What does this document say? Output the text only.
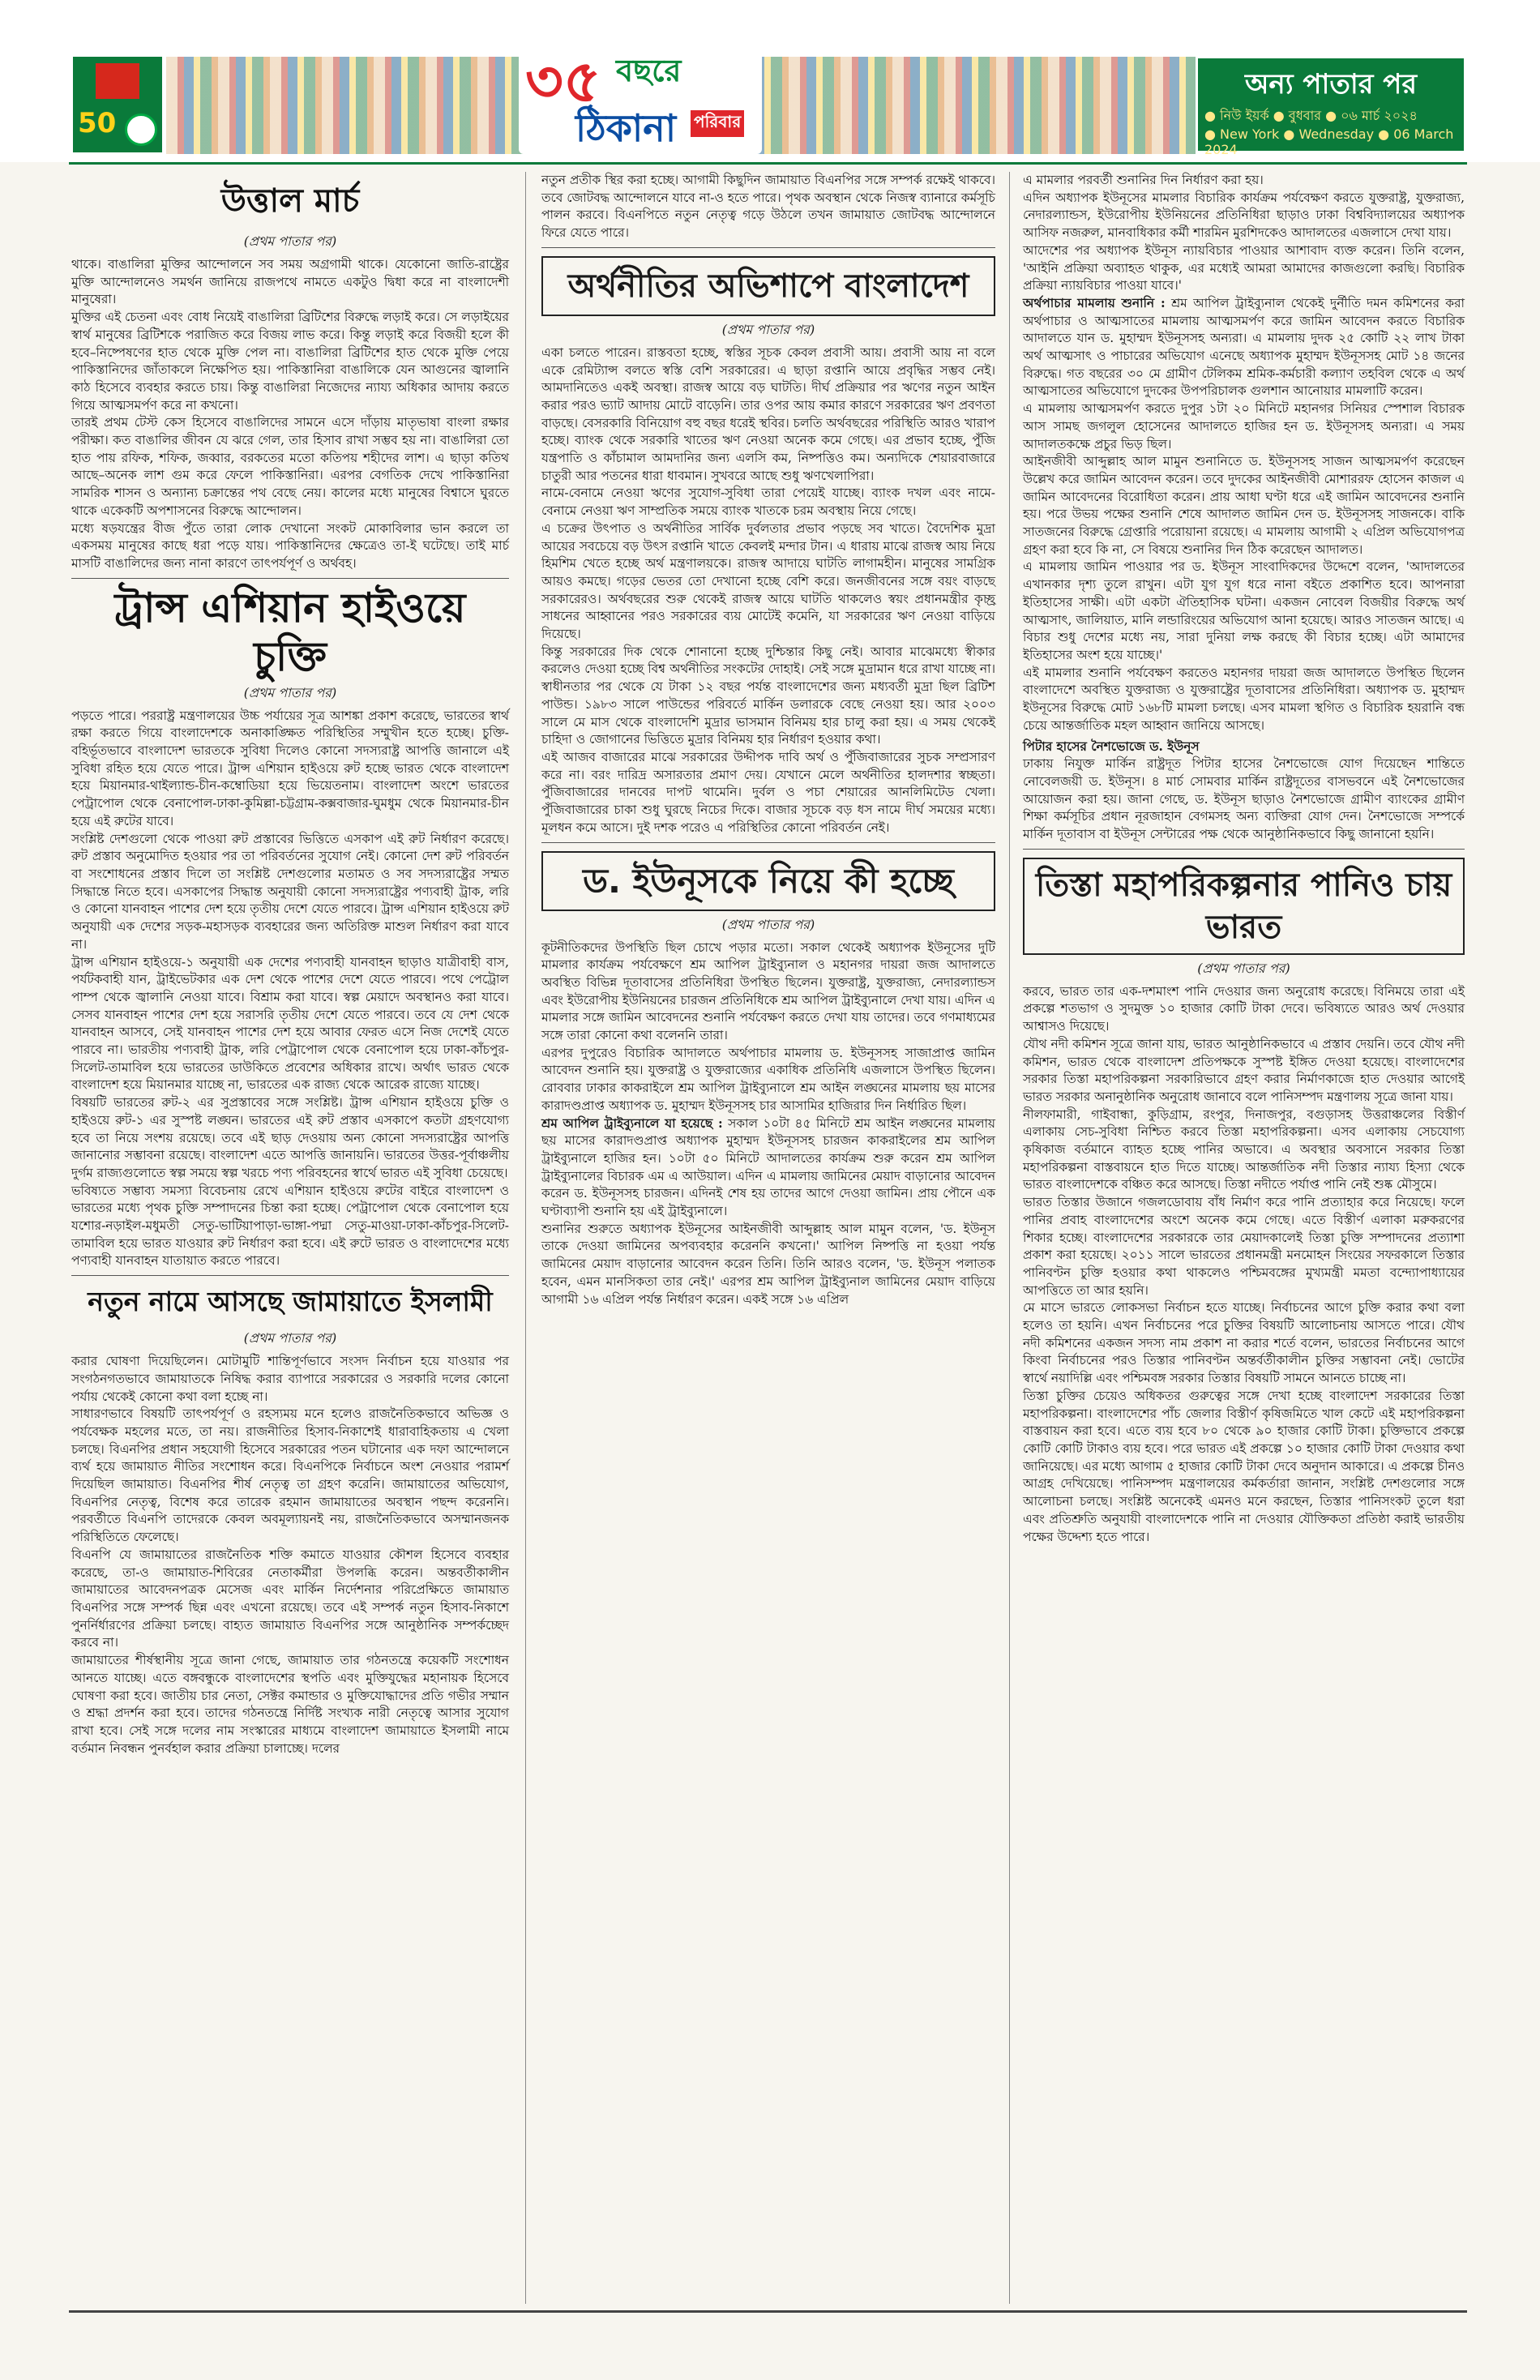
50
৩৫ বছরে
ঠিকানা পরিবার
অন্য পাতার পর
● নিউ ইয়র্ক ● বুধবার ● ০৬ মার্চ ২০২৪
● New York ● Wednesday ● 06 March 2024
উত্তাল মার্চ
(প্রথম পাতার পর)

থাকে। বাঙালিরা মুক্তির আন্দোলনে সব সময় অগ্রগামী থাকে। যেকোনো জাতি-রাষ্ট্রের মুক্তি আন্দোলনেও সমর্থন জানিয়ে রাজপথে নামতে একটুও দ্বিধা করে না বাংলাদেশী মানুষেরা।

মুক্তির এই চেতনা এবং বোধ নিয়েই বাঙালিরা ব্রিটিশের বিরুদ্ধে লড়াই করে। সে লড়াইয়ের স্বার্থ মানুষের ব্রিটিশকে পরাজিত করে বিজয় লাভ করে। কিন্তু লড়াই করে বিজয়ী হলে কী হবে–নিষ্পেষণের হাত থেকে মুক্তি পেল না। বাঙালিরা ব্রিটিশের হাত থেকে মুক্তি পেয়ে পাকিস্তানিদের জাঁতাকলে নিক্ষেপিত হয়। পাকিস্তানিরা বাঙালিকে যেন আগুনের জ্বালানি কাঠ হিসেবে ব্যবহার করতে চায়। কিন্তু বাঙালিরা নিজেদের ন্যায্য অধিকার আদায় করতে গিয়ে আত্মসমর্পণ করে না কখনো।

তারই প্রথম টেস্ট কেস হিসেবে বাঙালিদের সামনে এসে দাঁড়ায় মাতৃভাষা বাংলা রক্ষার পরীক্ষা। কত বাঙালির জীবন যে ঝরে গেল, তার হিসাব রাখা সম্ভব হয় না। বাঙালিরা তো হাত পায় রফিক, শফিক, জব্বার, বরকতের মতো কতিপয় শহীদের লাশ। এ ছাড়া কতিথ আছে–অনেক লাশ গুম করে ফেলে পাকিস্তানিরা। এরপর বেগতিক দেখে পাকিস্তানিরা সামরিক শাসন ও অন্যান্য চক্রান্তের পথ বেছে নেয়। কালের মধ্যে মানুষের বিশ্বাসে ঘুরতে থাকে একেকটি অপশাসনের বিরুদ্ধে আন্দোলন।

মধ্যে ষড়যন্ত্রের বীজ পুঁতে তারা লোক দেখানো সংকট মোকাবিলার ভান করলে তা একসময় মানুষের কাছে ধরা পড়ে যায়। পাকিস্তানিদের ক্ষেত্রেও তা-ই ঘটেছে। তাই মার্চ মাসটি বাঙালিদের জন্য নানা কারণে তাৎপর্যপূর্ণ ও অর্থবহ।

ট্রান্স এশিয়ান হাইওয়ে চুক্তি
(প্রথম পাতার পর)

পড়তে পারে। পররাষ্ট্র মন্ত্রণালয়ের উচ্চ পর্যায়ের সূত্র আশঙ্কা প্রকাশ করেছে, ভারতের স্বার্থ রক্ষা করতে গিয়ে বাংলাদেশকে অনাকাঙ্ক্ষিত পরিস্থিতির সম্মুখীন হতে হচ্ছে। চুক্তি-বহির্ভূতভাবে বাংলাদেশ ভারতকে সুবিধা দিলেও কোনো সদস্যরাষ্ট্র আপত্তি জানালে এই সুবিধা রহিত হয়ে যেতে পারে। ট্রান্স এশিয়ান হাইওয়ে রুট হচ্ছে ভারত থেকে বাংলাদেশ হয়ে মিয়ানমার-থাইল্যান্ড-চীন-কম্বোডিয়া হয়ে ভিয়েতনাম। বাংলাদেশ অংশে ভারতের পেট্রাপোল থেকে বেনাপোল-ঢাকা-কুমিল্লা-চট্টগ্রাম-কক্সবাজার-ঘুমধুম থেকে মিয়ানমার-চীন হয়ে এই রুটের যাবে।

সংশ্লিষ্ট দেশগুলো থেকে পাওয়া রুট প্রস্তাবের ভিত্তিতে এসকাপ এই রুট নির্ধারণ করেছে। রুট প্রস্তাব অনুমোদিত হওয়ার পর তা পরিবর্তনের সুযোগ নেই। কোনো দেশ রুট পরিবর্তন বা সংশোধনের প্রস্তাব দিলে তা সংশ্লিষ্ট দেশগুলোর মতামত ও সব সদস্যরাষ্ট্রের সম্মত সিদ্ধান্তে নিতে হবে। এসকাপের সিদ্ধান্ত অনুযায়ী কোনো সদস্যরাষ্ট্রের পণ্যবাহী ট্রাক, লরি ও কোনো যানবাহন পাশের দেশ হয়ে তৃতীয় দেশে যেতে পারবে। ট্রান্স এশিয়ান হাইওয়ে রুট অনুযায়ী এক দেশের সড়ক-মহাসড়ক ব্যবহারের জন্য অতিরিক্ত মাশুল নির্ধারণ করা যাবে না।

ট্রান্স এশিয়ান হাইওয়ে-১ অনুযায়ী এক দেশের পণ্যবাহী যানবাহন ছাড়াও যাত্রীবাহী বাস, পর্যটকবাহী যান, ট্রাইভেটকার এক দেশ থেকে পাশের দেশে যেতে পারবে। পথে পেট্রোল পাম্প থেকে জ্বালানি নেওয়া যাবে। বিশ্রাম করা যাবে। স্বল্প মেয়াদে অবস্থানও করা যাবে। সেসব যানবাহন পাশের দেশ হয়ে সরাসরি তৃতীয় দেশে যেতে পারবে। তবে যে দেশ থেকে যানবাহন আসবে, সেই যানবাহন পাশের দেশ হয়ে আবার ফেরত এসে নিজ দেশেই যেতে পারবে না। ভারতীয় পণ্যবাহী ট্রাক, লরি পেট্রাপোল থেকে বেনাপোল হয়ে ঢাকা-কাঁচপুর-সিলেট-তামাবিল হয়ে ভারতের ডাউকিতে প্রবেশের অধিকার রাখে। অর্থাৎ ভারত থেকে বাংলাদেশ হয়ে মিয়ানমার যাচ্ছে না, ভারতের এক রাজ্য থেকে আরেক রাজ্যে যাচ্ছে।

বিষয়টি ভারতের রুট-২ এর সুপ্রস্তাবের সঙ্গে সংশ্লিষ্ট। ট্রান্স এশিয়ান হাইওয়ে চুক্তি ও হাইওয়ে রুট-১ এর সুস্পষ্ট লঙ্ঘন। ভারতের এই রুট প্রস্তাব এসকাপে কতটা গ্রহণযোগ্য হবে তা নিয়ে সংশয় রয়েছে। তবে এই ছাড় দেওয়ায় অন্য কোনো সদস্যরাষ্ট্রের আপত্তি জানানোর সম্ভাবনা রয়েছে। বাংলাদেশ এতে আপত্তি জানায়নি। ভারতের উত্তর-পূর্বাঞ্চলীয় দুর্গম রাজ্যগুলোতে স্বল্প সময়ে স্বল্প খরচে পণ্য পরিবহনের স্বার্থে ভারত এই সুবিধা চেয়েছে।

ভবিষ্যতে সম্ভাব্য সমস্যা বিবেচনায় রেখে এশিয়ান হাইওয়ে রুটের বাইরে বাংলাদেশ ও ভারতের মধ্যে পৃথক চুক্তি সম্পাদনের চিন্তা করা হচ্ছে। পেট্রাপোল থেকে বেনাপোল হয়ে যশোর-নড়াইল-মধুমতী সেতু-ভাটিয়াপাড়া-ভাঙ্গা-পদ্মা সেতু-মাওয়া-ঢাকা-কাঁচপুর-সিলেট-তামাবিল হয়ে ভারত যাওয়ার রুট নির্ধারণ করা হবে। এই রুটে ভারত ও বাংলাদেশের মধ্যে পণ্যবাহী যানবাহন যাতায়াত করতে পারবে।

নতুন নামে আসছে জামায়াতে ইসলামী
(প্রথম পাতার পর)

করার ঘোষণা দিয়েছিলেন। মোটামুটি শান্তিপূর্ণভাবে সংসদ নির্বাচন হয়ে যাওয়ার পর সংগঠনগতভাবে জামায়াতকে নিষিদ্ধ করার ব্যাপারে সরকারের ও সরকারি দলের কোনো পর্যায় থেকেই কোনো কথা বলা হচ্ছে না।

সাধারণভাবে বিষয়টি তাৎপর্যপূর্ণ ও রহস্যময় মনে হলেও রাজনৈতিকভাবে অভিজ্ঞ ও পর্যবেক্ষক মহলের মতে, তা নয়। রাজনীতির হিসাব-নিকাশেই ধারাবাহিকতায় এ খেলা চলছে। বিএনপির প্রধান সহযোগী হিসেবে সরকারের পতন ঘটানোর এক দফা আন্দোলনে ব্যর্থ হয়ে জামায়াত নীতির সংশোধন করে। বিএনপিকে নির্বাচনে অংশ নেওয়ার পরামর্শ দিয়েছিল জামায়াত। বিএনপির শীর্ষ নেতৃত্ব তা গ্রহণ করেনি। জামায়াতের অভিযোগ, বিএনপির নেতৃত্ব, বিশেষ করে তারেক রহমান জামায়াতের অবস্থান পছন্দ করেননি। পরবর্তীতে বিএনপি তাদেরকে কেবল অবমূল্যায়নই নয়, রাজনৈতিকভাবে অসম্মানজনক পরিস্থিতিতে ফেলেছে।

বিএনপি যে জামায়াতের রাজনৈতিক শক্তি কমাতে যাওয়ার কৌশল হিসেবে ব্যবহার করেছে, তা-ও জামায়াত-শিবিরের নেতাকর্মীরা উপলব্ধি করেন। অন্তবর্তীকালীন জামায়াতের আবেদনপত্রক মেসেজ এবং মার্কিন নির্দেশনার পরিপ্রেক্ষিতে জামায়াত বিএনপির সঙ্গে সম্পর্ক ছিন্ন এবং এখনো রয়েছে। তবে এই সম্পর্ক নতুন হিসাব-নিকাশে পুনর্নির্ধারণের প্রক্রিয়া চলছে। বাহ্যত জামায়াত বিএনপির সঙ্গে আনুষ্ঠানিক সম্পর্কচ্ছেদ করবে না।

জামায়াতের শীর্ষস্থানীয় সূত্রে জানা গেছে, জামায়াত তার গঠনতন্ত্রে কয়েকটি সংশোধন আনতে যাচ্ছে। এতে বঙ্গবন্ধুকে বাংলাদেশের স্থপতি এবং মুক্তিযুদ্ধের মহানায়ক হিসেবে ঘোষণা করা হবে। জাতীয় চার নেতা, সেক্টর কমান্ডার ও মুক্তিযোদ্ধাদের প্রতি গভীর সম্মান ও শ্রদ্ধা প্রদর্শন করা হবে। তাদের গঠনতন্ত্রে নির্দিষ্ট সংখ্যক নারী নেতৃত্বে আসার সুযোগ রাখা হবে। সেই সঙ্গে দলের নাম সংস্কারের মাধ্যমে বাংলাদেশ জামায়াতে ইসলামী নামে বর্তমান নিবন্ধন পুনর্বহাল করার প্রক্রিয়া চালাচ্ছে। দলের

নতুন প্রতীক স্থির করা হচ্ছে। আগামী কিছুদিন জামায়াত বিএনপির সঙ্গে সম্পর্ক রক্ষেই থাকবে। তবে জোটবদ্ধ আন্দোলনে যাবে না-ও হতে পারে। পৃথক অবস্থান থেকে নিজস্ব ব্যানারে কর্মসূচি পালন করবে। বিএনপিতে নতুন নেতৃত্ব গড়ে উঠলে তখন জামায়াত জোটবদ্ধ আন্দোলনে ফিরে যেতে পারে।

অর্থনীতির অভিশাপে বাংলাদেশ
(প্রথম পাতার পর)

একা চলতে পারেন। রাস্তবতা হচ্ছে, স্বস্তির সূচক কেবল প্রবাসী আয়। প্রবাসী আয় না বলে একে রেমিট্যান্স বলতে স্বস্তি বেশি সরকারের। এ ছাড়া রপ্তানি আয়ে প্রবৃদ্ধির সম্ভব নেই। আমদানিতেও একই অবস্থা। রাজস্ব আয়ে বড় ঘাটতি। দীর্ঘ প্রক্রিয়ার পর ঋণের নতুন আইন করার পরও ভ্যাট আদায় মোটে বাড়েনি। তার ওপর আয় কমার কারণে সরকারের ঋণ প্রবণতা বাড়ছে। বেসরকারি বিনিয়োগ বহু বছর ধরেই স্থবির। চলতি অর্থবছরের পরিস্থিতি আরও খারাপ হচ্ছে। ব্যাংক থেকে সরকারি খাতের ঋণ নেওয়া অনেক কমে গেছে। এর প্রভাব হচ্ছে, পুঁজি যন্ত্রপাতি ও কাঁচামাল আমদানির জন্য এলসি কম, নিষ্পত্তিও কম। অন্যদিকে শেয়ারবাজারে চাতুরী আর পতনের ধারা ধাবমান। সুখবরে আছে শুধু ঋণখেলাপিরা।

নামে-বেনামে নেওয়া ঋণের সুযোগ-সুবিধা তারা পেয়েই যাচ্ছে। ব্যাংক দখল এবং নামে-বেনামে নেওয়া ঋণ সাম্প্রতিক সময়ে ব্যাংক খাতকে চরম অবস্থায় নিয়ে গেছে।

এ চক্রের উৎপাত ও অর্থনীতির সার্বিক দুর্বলতার প্রভাব পড়ছে সব খাতে। বৈদেশিক মুদ্রা আয়ের সবচেয়ে বড় উৎস রপ্তানি খাতে কেবলই মন্দার টান। এ ধারায় মাঝে রাজস্ব আয় নিয়ে হিমশিম খেতে হচ্ছে অর্থ মন্ত্রণালয়কে। রাজস্ব আদায়ে ঘাটতি লাগামহীন। মানুষের সামগ্রিক আয়ও কমছে। গড়ের ভেতর তো দেখানো হচ্ছে বেশি করে। জনজীবনের সঙ্গে বয়ং বাড়ছে সরকারেরও। অর্থবছরের শুরু থেকেই রাজস্ব আয়ে ঘাটতি থাকলেও স্বয়ং প্রধানমন্ত্রীর কৃচ্ছ্র সাধনের আহ্বানের পরও সরকারের ব্যয় মোটেই কমেনি, যা সরকারের ঋণ নেওয়া বাড়িয়ে দিয়েছে।

কিন্তু সরকারের দিক থেকে শোনানো হচ্ছে দুশ্চিন্তার কিছু নেই। আবার মাঝেমধ্যে স্বীকার করলেও দেওয়া হচ্ছে বিশ্ব অর্থনীতির সংকটের দোহাই। সেই সঙ্গে মুদ্রামান ধরে রাখা যাচ্ছে না। স্বাধীনতার পর থেকে যে টাকা ১২ বছর পর্যন্ত বাংলাদেশের জন্য মধ্যবর্তী মুদ্রা ছিল ব্রিটিশ পাউন্ড। ১৯৮৩ সালে পাউন্ডের পরিবর্তে মার্কিন ডলারকে বেছে নেওয়া হয়। আর ২০০৩ সালে মে মাস থেকে বাংলাদেশি মুদ্রার ভাসমান বিনিময় হার চালু করা হয়। এ সময় থেকেই চাহিদা ও জোগানের ভিত্তিতে মুদ্রার বিনিময় হার নির্ধারণ হওয়ার কথা।

এই আজব বাজারের মাঝে সরকারের উদ্দীপক দাবি অর্থ ও পুঁজিবাজারের সুচক সম্প্রসারণ করে না। বরং দারিদ্র অসারতার প্রমাণ দেয়। যেখানে মেলে অর্থনীতির হালদশার স্বচ্ছতা। পুঁজিবাজারের দানবের দাপট থামেনি। দুর্বল ও পচা শেয়ারের আনলিমিটেড খেলা। পুঁজিবাজারের চাকা শুধু ঘুরছে নিচের দিকে। বাজার সূচকে বড় ধস নামে দীর্ঘ সময়ের মধ্যে। মূলধন কমে আসে। দুই দশক পরেও এ পরিস্থিতির কোনো পরিবর্তন নেই।

ড. ইউনূসকে নিয়ে কী হচ্ছে
(প্রথম পাতার পর)

কূটনীতিকদের উপস্থিতি ছিল চোখে পড়ার মতো। সকাল থেকেই অধ্যাপক ইউনূসের দুটি মামলার কার্যক্রম পর্যবেক্ষণে শ্রম আপিল ট্রাইব্যুনাল ও মহানগর দায়রা জজ আদালতে অবস্থিত বিভিন্ন দূতাবাসের প্রতিনিধিরা উপস্থিত ছিলেন। যুক্তরাষ্ট্র, যুক্তরাজ্য, নেদারল্যান্ডস এবং ইউরোপীয় ইউনিয়নের চারজন প্রতিনিধিকে শ্রম আপিল ট্রাইব্যুনালে দেখা যায়। এদিন এ মামলার সঙ্গে জামিন আবেদনের শুনানি পর্যবেক্ষণ করতে দেখা যায় তাদের। তবে গণমাধ্যমের সঙ্গে তারা কোনো কথা বলেননি তারা।

এরপর দুপুরেও বিচারিক আদালতে অর্থপাচার মামলায় ড. ইউনূসসহ সাজাপ্রাপ্ত জামিন আবেদন শুনানি হয়। যুক্তরাষ্ট্র ও যুক্তরাজ্যের একাধিক প্রতিনিধি এজলাসে উপস্থিত ছিলেন। রোববার ঢাকার কাকরাইলে শ্রম আপিল ট্রাইব্যুনালে শ্রম আইন লঙ্ঘনের মামলায় ছয় মাসের কারাদণ্ডপ্রাপ্ত অধ্যাপক ড. মুহাম্মদ ইউনূসসহ চার আসামির হাজিরার দিন নির্ধারিত ছিল।

শ্রম আপিল ট্রাইব্যুনালে যা হয়েছে : সকাল ১০টা ৪৫ মিনিটে শ্রম আইন লঙ্ঘনের মামলায় ছয় মাসের কারাদণ্ডপ্রাপ্ত অধ্যাপক মুহাম্মদ ইউনূসসহ চারজন কাকরাইলের শ্রম আপিল ট্রাইব্যুনালে হাজির হন। ১০টা ৫০ মিনিটে আদালতের কার্যক্রম শুরু করেন শ্রম আপিল ট্রাইব্যুনালের বিচারক এম এ আউয়াল। এদিন এ মামলায় জামিনের মেয়াদ বাড়ানোর আবেদন করেন ড. ইউনূসসহ চারজন। এদিনই শেষ হয় তাদের আগে দেওয়া জামিন। প্রায় পৌনে এক ঘণ্টাব্যাপী শুনানি হয় এই ট্রাইব্যুনালে।

শুনানির শুরুতে অধ্যাপক ইউনূসের আইনজীবী আব্দুল্লাহ আল মামুন বলেন, 'ড. ইউনূস তাকে দেওয়া জামিনের অপব্যবহার করেননি কখনো।' আপিল নিষ্পত্তি না হওয়া পর্যন্ত জামিনের মেয়াদ বাড়ানোর আবেদন করেন তিনি। তিনি আরও বলেন, 'ড. ইউনূস পলাতক হবেন, এমন মানসিকতা তার নেই।' এরপর শ্রম আপিল ট্রাইব্যুনাল জামিনের মেয়াদ বাড়িয়ে আগামী ১৬ এপ্রিল পর্যন্ত নির্ধারণ করেন। একই সঙ্গে ১৬ এপ্রিল

এ মামলার পরবর্তী শুনানির দিন নির্ধারণ করা হয়।

এদিন অধ্যাপক ইউনূসের মামলার বিচারিক কার্যক্রম পর্যবেক্ষণ করতে যুক্তরাষ্ট্র, যুক্তরাজ্য, নেদারল্যান্ডস, ইউরোপীয় ইউনিয়নের প্রতিনিধিরা ছাড়াও ঢাকা বিশ্ববিদ্যালয়ের অধ্যাপক আসিফ নজরুল, মানবাধিকার কর্মী শারমিন মুরশিদকেও আদালতের এজলাসে দেখা যায়।

আদেশের পর অধ্যাপক ইউনূস ন্যায়বিচার পাওয়ার আশাবাদ ব্যক্ত করেন। তিনি বলেন, 'আইনি প্রক্রিয়া অব্যাহত থাকুক, এর মধ্যেই আমরা আমাদের কাজগুলো করছি। বিচারিক প্রক্রিয়া ন্যায়বিচার পাওয়া যাবে।'

অর্থপাচার মামলায় শুনানি : শ্রম আপিল ট্রাইব্যুনাল থেকেই দুর্নীতি দমন কমিশনের করা অর্থপাচার ও আত্মসাতের মামলায় আত্মসমর্পণ করে জামিন আবেদন করতে বিচারিক আদালতে যান ড. মুহাম্মদ ইউনূসসহ অন্যরা। এ মামলায় দুদক ২৫ কোটি ২২ লাখ টাকা অর্থ আত্মসাৎ ও পাচারের অভিযোগ এনেছে অধ্যাপক মুহাম্মদ ইউনূসসহ মোট ১৪ জনের বিরুদ্ধে। গত বছরের ৩০ মে গ্রামীণ টেলিকম শ্রমিক-কর্মচারী কল্যাণ তহবিল থেকে এ অর্থ আত্মসাতের অভিযোগে দুদকের উপপরিচালক গুলশান আনোয়ার মামলাটি করেন।

এ মামলায় আত্মসমর্পণ করতে দুপুর ১টা ২০ মিনিটে মহানগর সিনিয়র স্পেশাল বিচারক আস সামছ জগলুল হোসেনের আদালতে হাজির হন ড. ইউনূসসহ অন্যরা। এ সময় আদালতকক্ষে প্রচুর ভিড় ছিল।

আইনজীবী আব্দুল্লাহ আল মামুন শুনানিতে ড. ইউনূসসহ সাজন আত্মসমর্পণ করেছেন উল্লেখ করে জামিন আবেদন করেন। তবে দুদকের আইনজীবী মোশাররফ হোসেন কাজল এ জামিন আবেদনের বিরোধিতা করেন। প্রায় আধা ঘণ্টা ধরে এই জামিন আবেদনের শুনানি হয়। পরে উভয় পক্ষের শুনানি শেষে আদালত জামিন দেন ড. ইউনূসসহ সাজনকে। বাকি সাতজনের বিরুদ্ধে গ্রেপ্তারি পরোয়ানা রয়েছে। এ মামলায় আগামী ২ এপ্রিল অভিযোগপত্র গ্রহণ করা হবে কি না, সে বিষয়ে শুনানির দিন ঠিক করেছেন আদালত।

এ মামলায় জামিন পাওয়ার পর ড. ইউনূস সাংবাদিকদের উদ্দেশে বলেন, 'আদালতের এখানকার দৃশ্য তুলে রাখুন। এটা যুগ যুগ ধরে নানা বইতে প্রকাশিত হবে। আপনারা ইতিহাসের সাক্ষী। এটা একটা ঐতিহাসিক ঘটনা। একজন নোবেল বিজয়ীর বিরুদ্ধে অর্থ আত্মসাৎ, জালিয়াত, মানি লন্ডারিংয়ের অভিযোগ আনা হয়েছে। আরও সাতজন আছে। এ বিচার শুধু দেশের মধ্যে নয়, সারা দুনিয়া লক্ষ করছে কী বিচার হচ্ছে। এটা আমাদের ইতিহাসের অংশ হয়ে যাচ্ছে।'

এই মামলার শুনানি পর্যবেক্ষণ করতেও মহানগর দায়রা জজ আদালতে উপস্থিত ছিলেন বাংলাদেশে অবস্থিত যুক্তরাজ্য ও যুক্তরাষ্ট্রের দূতাবাসের প্রতিনিধিরা। অধ্যাপক ড. মুহাম্মদ ইউনূসের বিরুদ্ধে মোট ১৬৮টি মামলা চলছে। এসব মামলা স্থগিত ও বিচারিক হয়রানি বন্ধ চেয়ে আন্তর্জাতিক মহল আহ্বান জানিয়ে আসছে।

পিটার হাসের নৈশভোজে ড. ইউনূস

ঢাকায় নিযুক্ত মার্কিন রাষ্ট্রদূত পিটার হাসের নৈশভোজে যোগ দিয়েছেন শান্তিতে নোবেলজয়ী ড. ইউনূস। ৪ মার্চ সোমবার মার্কিন রাষ্ট্রদূতের বাসভবনে এই নৈশভোজের আয়োজন করা হয়। জানা গেছে, ড. ইউনূস ছাড়াও নৈশভোজে গ্রামীণ ব্যাংকের গ্রামীণ শিক্ষা কর্মসূচির প্রধান নূরজাহান বেগমসহ অন্য ব্যক্তিরা যোগ দেন। নৈশভোজে সম্পর্কে মার্কিন দূতাবাস বা ইউনূস সেন্টারের পক্ষ থেকে আনুষ্ঠানিকভাবে কিছু জানানো হয়নি।

তিস্তা মহাপরিকল্পনার পানিও চায় ভারত
(প্রথম পাতার পর)

করবে, ভারত তার এক-দশমাংশ পানি দেওয়ার জন্য অনুরোধ করেছে। বিনিময়ে তারা এই প্রকল্পে শতভাগ ও সুদমুক্ত ১০ হাজার কোটি টাকা দেবে। ভবিষ্যতে আরও অর্থ দেওয়ার আশ্বাসও দিয়েছে।

যৌথ নদী কমিশন সূত্রে জানা যায়, ভারত আনুষ্ঠানিকভাবে এ প্রস্তাব দেয়নি। তবে যৌথ নদী কমিশন, ভারত থেকে বাংলাদেশ প্রতিপক্ষকে সুস্পষ্ট ইঙ্গিত দেওয়া হয়েছে। বাংলাদেশের সরকার তিস্তা মহাপরিকল্পনা সরকারিভাবে গ্রহণ করার নির্মাণকাজে হাত দেওয়ার আগেই ভারত সরকার অনানুষ্ঠানিক অনুরোধ জানাবে বলে পানিসম্পদ মন্ত্রণালয় সূত্রে জানা যায়।

নীলফামারী, গাইবান্ধা, কুড়িগ্রাম, রংপুর, দিনাজপুর, বগুড়াসহ উত্তরাঞ্চলের বিস্তীর্ণ এলাকায় সেচ-সুবিধা নিশ্চিত করবে তিস্তা মহাপরিকল্পনা। এসব এলাকায় সেচযোগ্য কৃষিকাজ বর্তমানে ব্যাহত হচ্ছে পানির অভাবে। এ অবস্থার অবসানে সরকার তিস্তা মহাপরিকল্পনা বাস্তবায়নে হাত দিতে যাচ্ছে। আন্তর্জাতিক নদী তিস্তার ন্যায্য হিস্যা থেকে ভারত বাংলাদেশকে বঞ্চিত করে আসছে। তিস্তা নদীতে পর্যাপ্ত পানি নেই শুষ্ক মৌসুমে।

ভারত তিস্তার উজানে গজলডোবায় বাঁধ নির্মাণ করে পানি প্রত্যাহার করে নিয়েছে। ফলে পানির প্রবাহ বাংলাদেশের অংশে অনেক কমে গেছে। এতে বিস্তীর্ণ এলাকা মরুকরণের শিকার হচ্ছে। বাংলাদেশের সরকারকে তার মেয়াদকালেই তিস্তা চুক্তি সম্পাদনের প্রত্যাশা প্রকাশ করা হয়েছে। ২০১১ সালে ভারতের প্রধানমন্ত্রী মনমোহন সিংয়ের সফরকালে তিস্তার পানিবণ্টন চুক্তি হওয়ার কথা থাকলেও পশ্চিমবঙ্গের মুখ্যমন্ত্রী মমতা বন্দ্যোপাধ্যায়ের আপত্তিতে তা আর হয়নি।

মে মাসে ভারতে লোকসভা নির্বাচন হতে যাচ্ছে। নির্বাচনের আগে চুক্তি করার কথা বলা হলেও তা হয়নি। এখন নির্বাচনের পরে চুক্তির বিষয়টি আলোচনায় আসতে পারে। যৌথ নদী কমিশনের একজন সদস্য নাম প্রকাশ না করার শর্তে বলেন, ভারতের নির্বাচনের আগে কিংবা নির্বাচনের পরও তিস্তার পানিবণ্টন অন্তর্বর্তীকালীন চুক্তির সম্ভাবনা নেই। ভোটের স্বার্থে নয়াদিল্লি এবং পশ্চিমবঙ্গ সরকার তিস্তার বিষয়টি সামনে আনতে চাচ্ছে না।

তিস্তা চুক্তির চেয়েও অধিকতর গুরুত্বের সঙ্গে দেখা হচ্ছে বাংলাদেশ সরকারের তিস্তা মহাপরিকল্পনা। বাংলাদেশের পাঁচ জেলার বিস্তীর্ণ কৃষিজমিতে খাল কেটে এই মহাপরিকল্পনা বাস্তবায়ন করা হবে। এতে ব্যয় হবে ৮০ থেকে ৯০ হাজার কোটি টাকা। চুক্তিভাবে প্রকল্পে কোটি কোটি টাকাও ব্যয় হবে। পরে ভারত এই প্রকল্পে ১০ হাজার কোটি টাকা দেওয়ার কথা জানিয়েছে। এর মধ্যে আগাম ৫ হাজার কোটি টাকা দেবে অনুদান আকারে। এ প্রকল্পে চীনও আগ্রহ দেখিয়েছে। পানিসম্পদ মন্ত্রণালয়ের কর্মকর্তারা জানান, সংশ্লিষ্ট দেশগুলোর সঙ্গে আলোচনা চলছে। সংশ্লিষ্ট অনেকেই এমনও মনে করছেন, তিস্তার পানিসংকট তুলে ধরা এবং প্রতিশ্রুতি অনুযায়ী বাংলাদেশকে পানি না দেওয়ার যৌক্তিকতা প্রতিষ্ঠা করাই ভারতীয় পক্ষের উদ্দেশ্য হতে পারে।
